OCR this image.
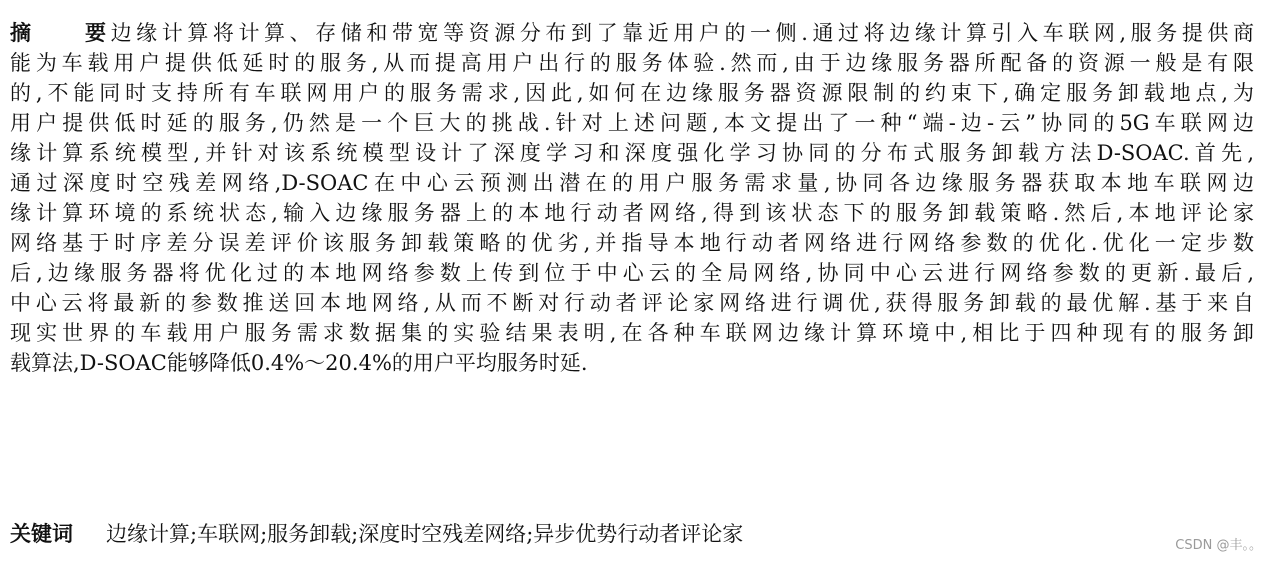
摘　要边缘计算将计算、存储和带宽等资源分布到了靠近用户的一侧.通过将边缘计算引入车联网,服务提供商
能为车载用户提供低延时的服务,从而提高用户出行的服务体验.然而,由于边缘服务器所配备的资源一般是有限
的,不能同时支持所有车联网用户的服务需求,因此,如何在边缘服务器资源限制的约束下,确定服务卸载地点,为
用户提供低时延的服务,仍然是一个巨大的挑战.针对上述问题,本文提出了一种“端-边-云”协同的5G车联网边
缘计算系统模型,并针对该系统模型设计了深度学习和深度强化学习协同的分布式服务卸载方法D-SOAC.首先,
通过深度时空残差网络,D-SOAC在中心云预测出潜在的用户服务需求量,协同各边缘服务器获取本地车联网边
缘计算环境的系统状态,输入边缘服务器上的本地行动者网络,得到该状态下的服务卸载策略.然后,本地评论家
网络基于时序差分误差评价该服务卸载策略的优劣,并指导本地行动者网络进行网络参数的优化.优化一定步数
后,边缘服务器将优化过的本地网络参数上传到位于中心云的全局网络,协同中心云进行网络参数的更新.最后,
中心云将最新的参数推送回本地网络,从而不断对行动者评论家网络进行调优,获得服务卸载的最优解.基于来自
现实世界的车载用户服务需求数据集的实验结果表明,在各种车联网边缘计算环境中,相比于四种现有的服务卸
载算法,D-SOAC能够降低0.4%～20.4%的用户平均服务时延.
关键词 边缘计算;车联网;服务卸载;深度时空残差网络;异步优势行动者评论家	CSDN @丰。。
